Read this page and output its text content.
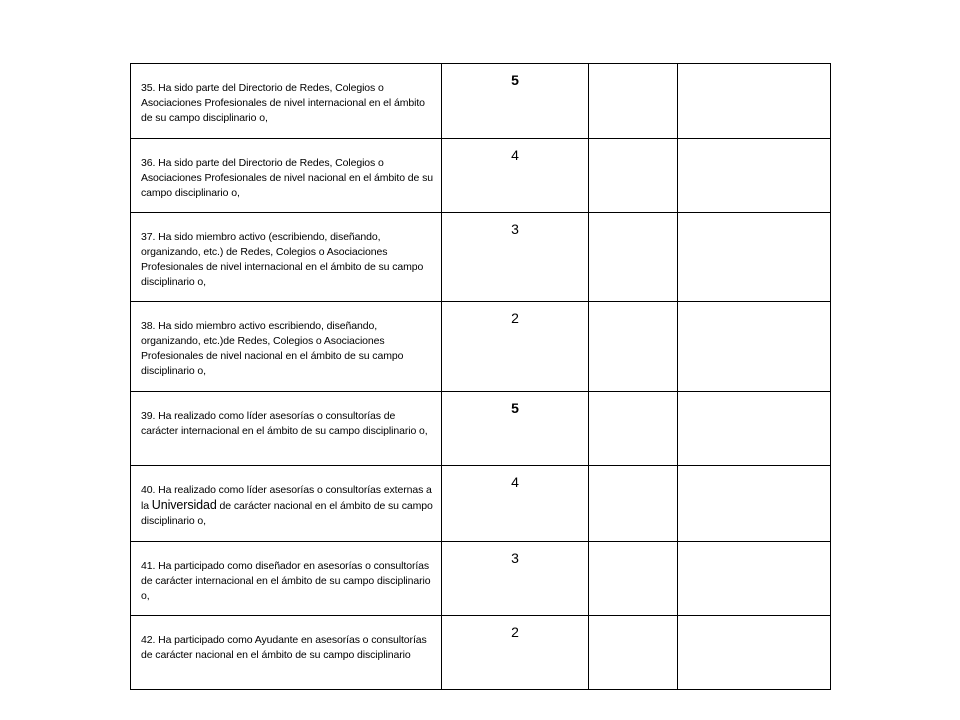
35. Ha sido parte del Directorio de Redes, Colegios o Asociaciones Profesionales de nivel internacional en el ámbito de su campo disciplinario o,	5		
36. Ha sido parte del Directorio de Redes, Colegios o Asociaciones Profesionales de nivel nacional en el ámbito de su campo disciplinario o,	4		
37. Ha sido miembro activo (escribiendo, diseñando, organizando, etc.) de Redes, Colegios o Asociaciones Profesionales de nivel internacional en el ámbito de su campo disciplinario o,	3		
38. Ha sido miembro activo escribiendo, diseñando, organizando, etc.)de Redes, Colegios o Asociaciones Profesionales de nivel nacional en el ámbito de su campo disciplinario o,	2		
39. Ha realizado como líder asesorías o consultorías de carácter internacional en el ámbito de su campo disciplinario o,	5		
40. Ha realizado como líder asesorías o consultorías externas a la Universidad de carácter nacional en el ámbito de su campo disciplinario o,	4		
41. Ha participado como diseñador en asesorías o consultorías de carácter internacional en el ámbito de su campo disciplinario o,	3		
42. Ha participado como Ayudante en asesorías o consultorías de carácter nacional en el ámbito de su campo disciplinario	2		
